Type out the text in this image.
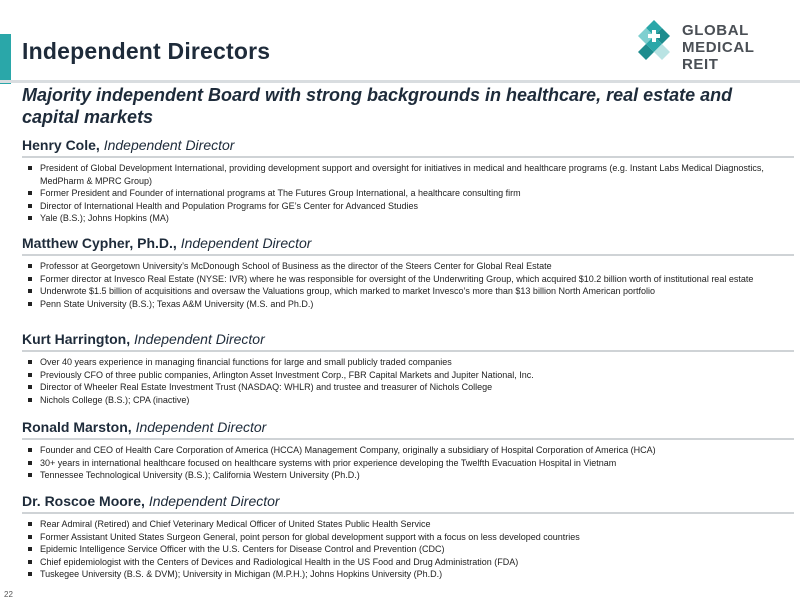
Independent Directors
GLOBAL
MEDICAL REIT
Majority independent Board with strong backgrounds in healthcare, real estate and capital markets
Henry Cole, Independent Director
President of Global Development International, providing development support and oversight for initiatives in medical and healthcare programs (e.g. Instant Labs Medical Diagnostics, MedPharm & MPRC Group)
Former President and Founder of international programs at The Futures Group International, a healthcare consulting firm
Director of International Health and Population Programs for GE’s Center for Advanced Studies
Yale (B.S.); Johns Hopkins (MA)
Matthew Cypher, Ph.D., Independent Director
Professor at Georgetown University’s McDonough School of Business as the director of the Steers Center for Global Real Estate
Former director at Invesco Real Estate (NYSE: IVR) where he was responsible for oversight of the Underwriting Group, which acquired $10.2 billion worth of institutional real estate
Underwrote $1.5 billion of acquisitions and oversaw the Valuations group, which marked to market Invesco’s more than $13 billion North American portfolio
Penn State University (B.S.); Texas A&M University (M.S. and Ph.D.)
Kurt Harrington, Independent Director
Over 40 years experience in managing financial functions for large and small publicly traded companies
Previously CFO of three public companies, Arlington Asset Investment Corp., FBR Capital Markets and Jupiter National, Inc.
Director of Wheeler Real Estate Investment Trust (NASDAQ: WHLR) and trustee and treasurer of Nichols College
Nichols College (B.S.); CPA (inactive)
Ronald Marston, Independent Director
Founder and CEO of Health Care Corporation of America (HCCA) Management Company, originally a subsidiary of Hospital Corporation of America (HCA)
30+ years in international healthcare focused on healthcare systems with prior experience developing the Twelfth Evacuation Hospital in Vietnam
Tennessee Technological University (B.S.); California Western University (Ph.D.)
Dr. Roscoe Moore, Independent Director
Rear Admiral (Retired) and Chief Veterinary Medical Officer of United States Public Health Service
Former Assistant United States Surgeon General, point person for global development support with a focus on less developed countries
Epidemic Intelligence Service Officer with the U.S. Centers for Disease Control and Prevention (CDC)
Chief epidemiologist with the Centers of Devices and Radiological Health in the US Food and Drug Administration (FDA)
Tuskegee University (B.S. & DVM); University in Michigan (M.P.H.); Johns Hopkins University (Ph.D.)
22
